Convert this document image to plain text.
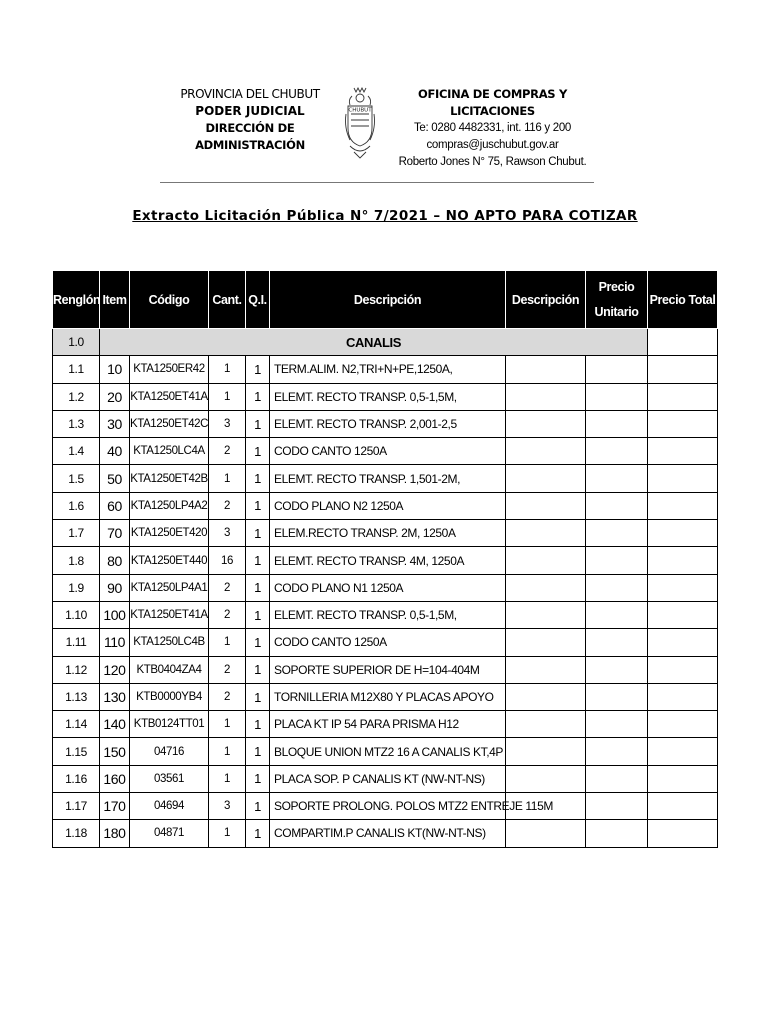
PROVINCIA DEL CHUBUT
PODER JUDICIAL
DIRECCIÓN DE ADMINISTRACIÓN
CHUBUT
OFICINA DE COMPRAS Y LICITACIONES
Te: 0280 4482331, int. 116 y 200
compras@juschubut.gov.ar
Roberto Jones N° 75, Rawson Chubut.
Extracto Licitación Pública N° 7/2021 – NO APTO PARA COTIZAR
Renglón	Item	Código	Cant.	Q.I.	Descripción	Descripción	Precio
Unitario	Precio Total
1.0	CANALIS							
1.1	10	KTA1250ER42	1	1	TERM.ALIM. N2,TRI+N+PE,1250A,			
1.2	20	KTA1250ET41A	1	1	ELEMT. RECTO TRANSP. 0,5-1,5M,			
1.3	30	KTA1250ET42C	3	1	ELEMT. RECTO TRANSP. 2,001-2,5			
1.4	40	KTA1250LC4A	2	1	CODO CANTO 1250A			
1.5	50	KTA1250ET42B	1	1	ELEMT. RECTO TRANSP. 1,501-2M,			
1.6	60	KTA1250LP4A2	2	1	CODO PLANO N2 1250A			
1.7	70	KTA1250ET420	3	1	ELEM.RECTO TRANSP. 2M, 1250A			
1.8	80	KTA1250ET440	16	1	ELEMT. RECTO TRANSP. 4M, 1250A			
1.9	90	KTA1250LP4A1	2	1	CODO PLANO N1 1250A			
1.10	100	KTA1250ET41A	2	1	ELEMT. RECTO TRANSP. 0,5-1,5M,			
1.11	110	KTA1250LC4B	1	1	CODO CANTO 1250A			
1.12	120	KTB0404ZA4	2	1	SOPORTE SUPERIOR DE H=104-404M			
1.13	130	KTB0000YB4	2	1	TORNILLERIA M12X80 Y PLACAS APOYO			
1.14	140	KTB0124TT01	1	1	PLACA KT IP 54 PARA PRISMA H12			
1.15	150	04716	1	1	BLOQUE UNION MTZ2 16 A CANALIS KT,4P			
1.16	160	03561	1	1	PLACA SOP. P CANALIS KT (NW-NT-NS)			
1.17	170	04694	3	1	SOPORTE PROLONG. POLOS MTZ2 ENTREJE 115M			
1.18	180	04871	1	1	COMPARTIM.P CANALIS KT(NW-NT-NS)			
